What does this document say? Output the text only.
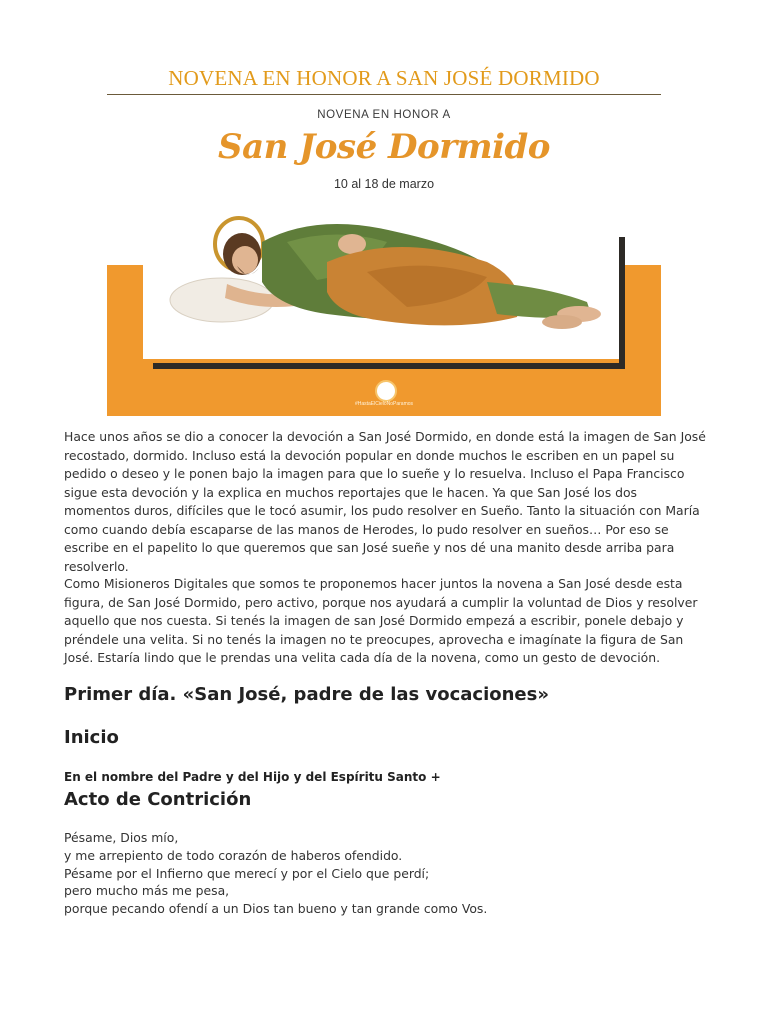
NOVENA EN HONOR A SAN JOSÉ DORMIDO
NOVENA EN HONOR A
San José Dormido
10 al 18 de marzo
#HastaElCieloNoParamos
Hace unos años se dio a conocer la devoción a San José Dormido, en donde está la imagen de San José recostado, dormido. Incluso está la devoción popular en donde muchos le escriben en un papel su pedido o deseo y le ponen bajo la imagen para que lo sueñe y lo resuelva. Incluso el Papa Francisco sigue esta devoción y la explica en muchos reportajes que le hacen. Ya que San José los dos momentos duros, difíciles que le tocó asumir, los pudo resolver en Sueño. Tanto la situación con María como cuando debía escaparse de las manos de Herodes, lo pudo resolver en sueños… Por eso se escribe en el papelito lo que queremos que san José sueñe y nos dé una manito desde arriba para resolverlo.
Como Misioneros Digitales que somos te proponemos hacer juntos la novena a San José desde esta figura, de San José Dormido, pero activo, porque nos ayudará a cumplir la voluntad de Dios y resolver aquello que nos cuesta. Si tenés la imagen de san José Dormido empezá a escribir, ponele debajo y préndele una velita. Si no tenés la imagen no te preocupes, aprovecha e imagínate la figura de San José. Estaría lindo que le prendas una velita cada día de la novena, como un gesto de devoción.
Primer día. «San José, padre de las vocaciones»
Inicio
En el nombre del Padre y del Hijo y del Espíritu Santo +
Acto de Contrición
Pésame, Dios mío,
y me arrepiento de todo corazón de haberos ofendido.
Pésame por el Infierno que merecí y por el Cielo que perdí;
pero mucho más me pesa,
porque pecando ofendí a un Dios tan bueno y tan grande como Vos.
